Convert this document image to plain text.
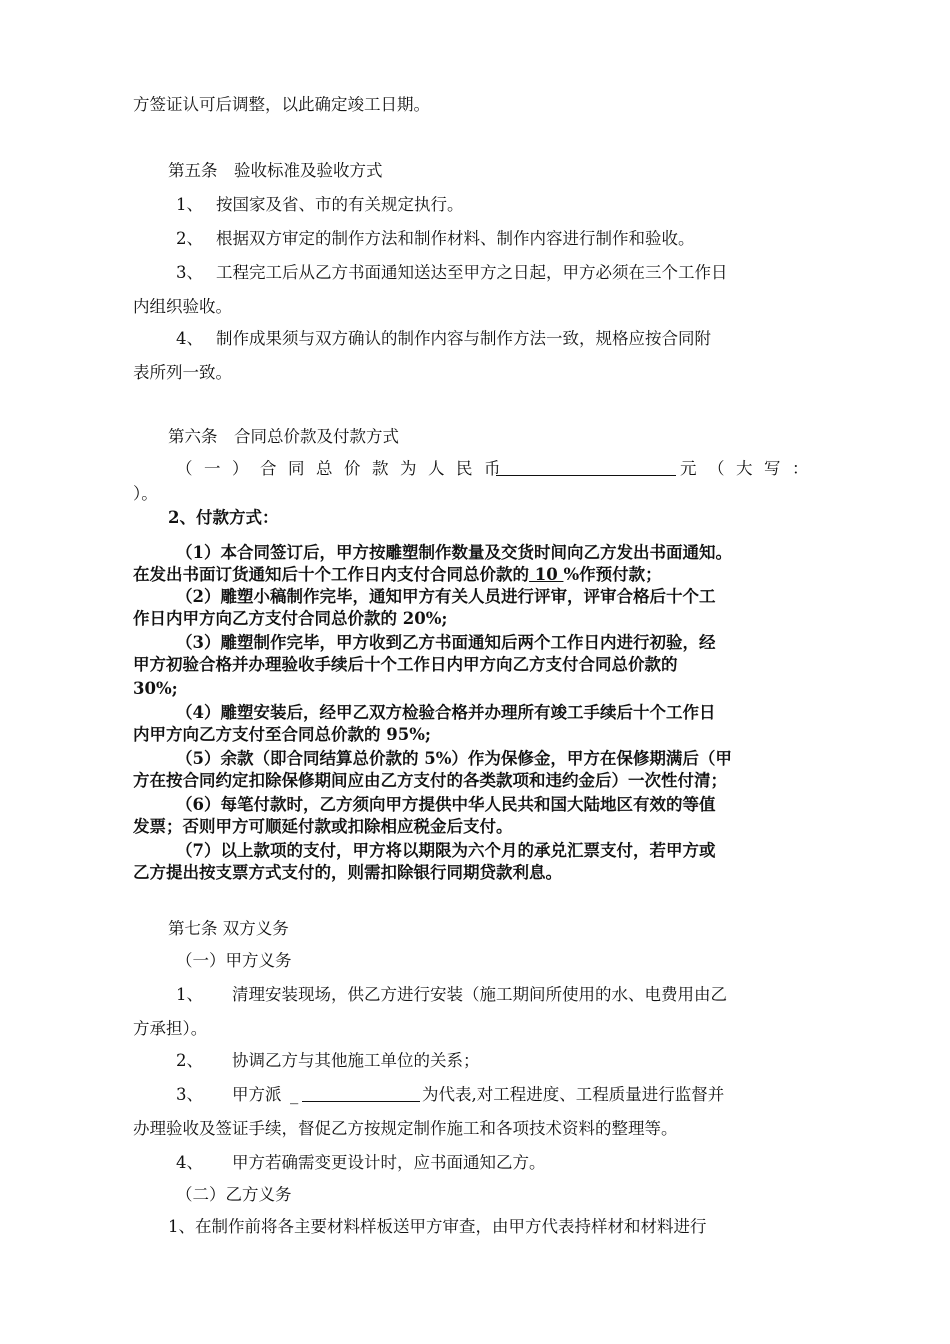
方签证认可后调整，以此确定竣工日期。
第五条　验收标准及验收方式
1、 按国家及省、市的有关规定执行。
2、 根据双方审定的制作方法和制作材料、制作内容进行制作和验收。
3、 工程完工后从乙方书面通知送达至甲方之日起，甲方必须在三个工作日
内组织验收。
4、 制作成果须与双方确认的制作内容与制作方法一致，规格应按合同附
表所列一致。
第六条　合同总价款及付款方式
（一）合同总价款为人民币	元（大写：
）。
2、付款方式：
（1）本合同签订后，甲方按雕塑制作数量及交货时间向乙方发出书面通知。
在发出书面订货通知后十个工作日内支付合同总价款的 10 %作预付款；
（2）雕塑小稿制作完毕，通知甲方有关人员进行评审，评审合格后十个工
作日内甲方向乙方支付合同总价款的 20%;
（3）雕塑制作完毕，甲方收到乙方书面通知后两个工作日内进行初验，经
甲方初验合格并办理验收手续后十个工作日内甲方向乙方支付合同总价款的
30%;
（4）雕塑安装后，经甲乙双方检验合格并办理所有竣工手续后十个工作日
内甲方向乙方支付至合同总价款的 95%;
（5）余款（即合同结算总价款的 5%）作为保修金，甲方在保修期满后（甲
方在按合同约定扣除保修期间应由乙方支付的各类款项和违约金后）一次性付清；
（6）每笔付款时，乙方须向甲方提供中华人民共和国大陆地区有效的等值
发票；否则甲方可顺延付款或扣除相应税金后支付。
（7）以上款项的支付，甲方将以期限为六个月的承兑汇票支付，若甲方或
乙方提出按支票方式支付的，则需扣除银行同期贷款利息。
第七条 双方义务
（一）甲方义务
1、 清理安装现场，供乙方进行安装（施工期间所使用的水、电费用由乙
方承担）。
2、 协调乙方与其他施工单位的关系；
3、 甲方派 _	为代表,对工程进度、工程质量进行监督并
办理验收及签证手续，督促乙方按规定制作施工和各项技术资料的整理等。
4、 甲方若确需变更设计时，应书面通知乙方。
（二）乙方义务
1、在制作前将各主要材料样板送甲方审查，由甲方代表持样材和材料进行
